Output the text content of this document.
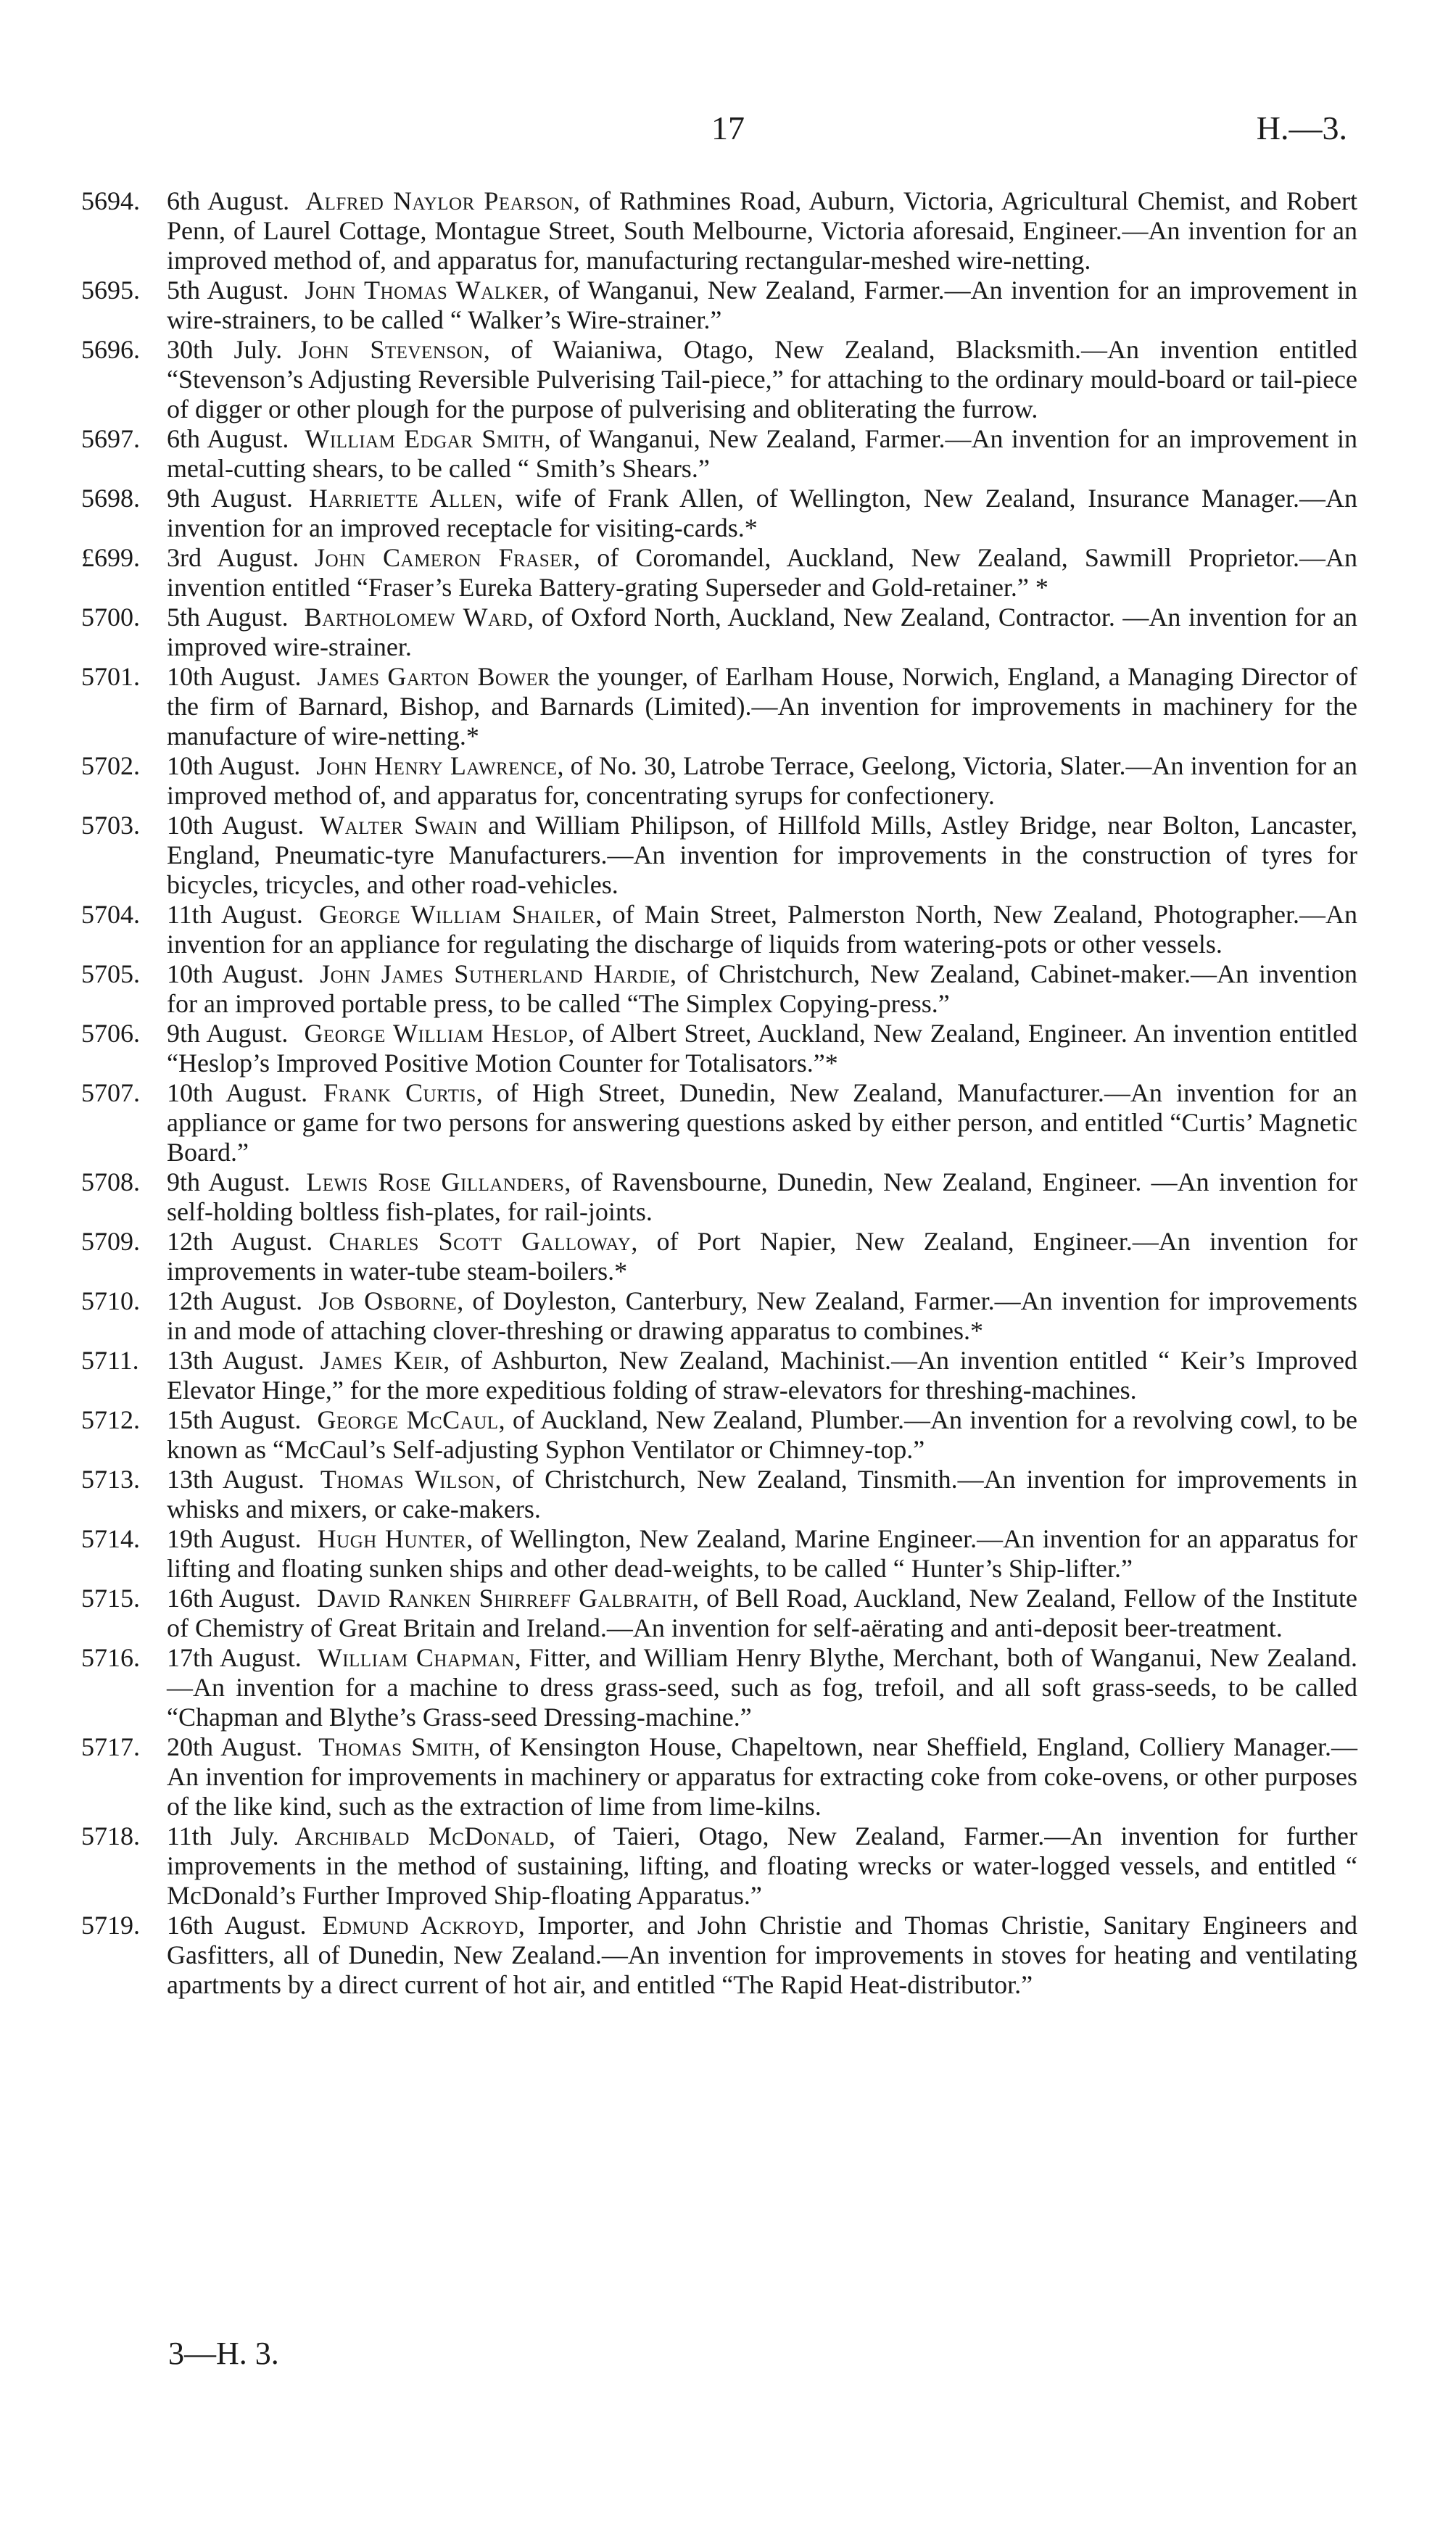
17	H.—3.
5694.	6th August. Alfred Naylor Pearson, of Rathmines Road, Auburn, Victoria, Agricultural Chemist, and Robert Penn, of Laurel Cottage, Montague Street, South Melbourne, Victoria aforesaid, Engineer.—An invention for an improved method of, and apparatus for, manufacturing rectangular-meshed wire-netting.
5695.	5th August. John Thomas Walker, of Wanganui, New Zealand, Farmer.—An invention for an improvement in wire-strainers, to be called “ Walker’s Wire-strainer.”
5696.	30th July. John Stevenson, of Waianiwa, Otago, New Zealand, Blacksmith.—An invention entitled “Stevenson’s Adjusting Reversible Pulverising Tail-piece,” for attaching to the ordinary mould-board or tail-piece of digger or other plough for the purpose of pulverising and obliterating the furrow.
5697.	6th August. William Edgar Smith, of Wanganui, New Zealand, Farmer.—An invention for an improvement in metal-cutting shears, to be called “ Smith’s Shears.”
5698.	9th August. Harriette Allen, wife of Frank Allen, of Wellington, New Zealand, Insurance Manager.—An invention for an improved receptacle for visiting-cards.*
£699.	3rd August. John Cameron Fraser, of Coromandel, Auckland, New Zealand, Sawmill Proprietor.—An invention entitled “Fraser’s Eureka Battery-grating Superseder and Gold-retainer.” *
5700.	5th August. Bartholomew Ward, of Oxford North, Auckland, New Zealand, Contractor. —An invention for an improved wire-strainer.
5701.	10th August. James Garton Bower the younger, of Earlham House, Norwich, England, a Managing Director of the firm of Barnard, Bishop, and Barnards (Limited).—An invention for improvements in machinery for the manufacture of wire-netting.*
5702.	10th August. John Henry Lawrence, of No. 30, Latrobe Terrace, Geelong, Victoria, Slater.—An invention for an improved method of, and apparatus for, concentrating syrups for confectionery.
5703.	10th August. Walter Swain and William Philipson, of Hillfold Mills, Astley Bridge, near Bolton, Lancaster, England, Pneumatic-tyre Manufacturers.—An invention for improvements in the construction of tyres for bicycles, tricycles, and other road-vehicles.
5704.	11th August. George William Shailer, of Main Street, Palmerston North, New Zealand, Photographer.—An invention for an appliance for regulating the discharge of liquids from watering-pots or other vessels.
5705.	10th August. John James Sutherland Hardie, of Christchurch, New Zealand, Cabinet-maker.—An invention for an improved portable press, to be called “The Simplex Copying-press.”
5706.	9th August. George William Heslop, of Albert Street, Auckland, New Zealand, Engineer. An invention entitled “Heslop’s Improved Positive Motion Counter for Totalisators.”*
5707.	10th August. Frank Curtis, of High Street, Dunedin, New Zealand, Manufacturer.—An invention for an appliance or game for two persons for answering questions asked by either person, and entitled “Curtis’ Magnetic Board.”
5708.	9th August. Lewis Rose Gillanders, of Ravensbourne, Dunedin, New Zealand, Engineer. —An invention for self-holding boltless fish-plates, for rail-joints.
5709.	12th August. Charles Scott Galloway, of Port Napier, New Zealand, Engineer.—An invention for improvements in water-tube steam-boilers.*
5710.	12th August. Job Osborne, of Doyleston, Canterbury, New Zealand, Farmer.—An invention for improvements in and mode of attaching clover-threshing or drawing apparatus to combines.*
5711.	13th August. James Keir, of Ashburton, New Zealand, Machinist.—An invention entitled “ Keir’s Improved Elevator Hinge,” for the more expeditious folding of straw-elevators for threshing-machines.
5712.	15th August. George McCaul, of Auckland, New Zealand, Plumber.—An invention for a revolving cowl, to be known as “McCaul’s Self-adjusting Syphon Ventilator or Chimney-top.”
5713.	13th August. Thomas Wilson, of Christchurch, New Zealand, Tinsmith.—An invention for improvements in whisks and mixers, or cake-makers.
5714.	19th August. Hugh Hunter, of Wellington, New Zealand, Marine Engineer.—An invention for an apparatus for lifting and floating sunken ships and other dead-weights, to be called “ Hunter’s Ship-lifter.”
5715.	16th August. David Ranken Shirreff Galbraith, of Bell Road, Auckland, New Zealand, Fellow of the Institute of Chemistry of Great Britain and Ireland.—An invention for self-aërating and anti-deposit beer-treatment.
5716.	17th August. William Chapman, Fitter, and William Henry Blythe, Merchant, both of Wanganui, New Zealand.—An invention for a machine to dress grass-seed, such as fog, trefoil, and all soft grass-seeds, to be called “Chapman and Blythe’s Grass-seed Dressing-machine.”
5717.	20th August. Thomas Smith, of Kensington House, Chapeltown, near Sheffield, England, Colliery Manager.—An invention for improvements in machinery or apparatus for extracting coke from coke-ovens, or other purposes of the like kind, such as the extraction of lime from lime-kilns.
5718.	11th July. Archibald McDonald, of Taieri, Otago, New Zealand, Farmer.—An invention for further improvements in the method of sustaining, lifting, and floating wrecks or water-logged vessels, and entitled “ McDonald’s Further Improved Ship-floating Apparatus.”
5719.	16th August. Edmund Ackroyd, Importer, and John Christie and Thomas Christie, Sanitary Engineers and Gasfitters, all of Dunedin, New Zealand.—An invention for improvements in stoves for heating and ventilating apartments by a direct current of hot air, and entitled “The Rapid Heat-distributor.”
3—H. 3.
